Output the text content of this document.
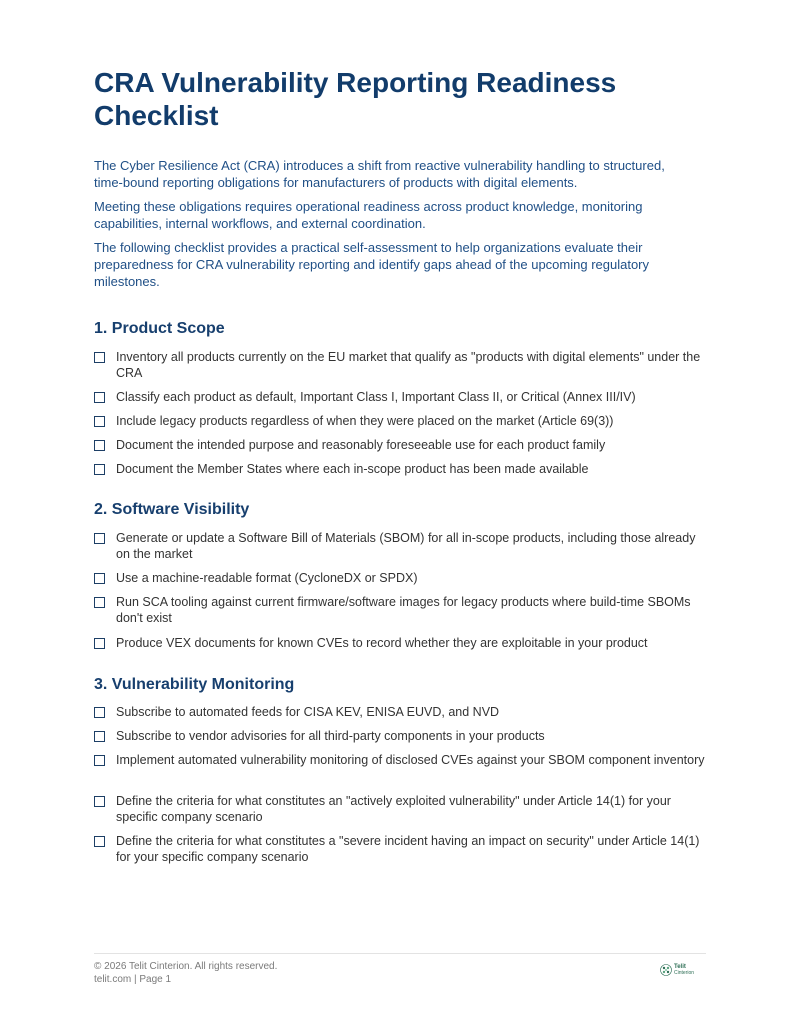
CRA Vulnerability Reporting Readiness Checklist

The Cyber Resilience Act (CRA) introduces a shift from reactive vulnerability handling to structured, time-bound reporting obligations for manufacturers of products with digital elements.

Meeting these obligations requires operational readiness across product knowledge, monitoring capabilities, internal workflows, and external coordination.

The following checklist provides a practical self-assessment to help organizations evaluate their preparedness for CRA vulnerability reporting and identify gaps ahead of the upcoming regulatory milestones.

1. Product Scope
Inventory all products currently on the EU market that qualify as "products with digital elements" under the CRA
Classify each product as default, Important Class I, Important Class II, or Critical (Annex III/IV)
Include legacy products regardless of when they were placed on the market (Article 69(3))
Document the intended purpose and reasonably foreseeable use for each product family
Document the Member States where each in-scope product has been made available
2. Software Visibility
Generate or update a Software Bill of Materials (SBOM) for all in-scope products, including those already on the market
Use a machine-readable format (CycloneDX or SPDX)
Run SCA tooling against current firmware/software images for legacy products where build-time SBOMs don't exist
Produce VEX documents for known CVEs to record whether they are exploitable in your product
3. Vulnerability Monitoring
Subscribe to automated feeds for CISA KEV, ENISA EUVD, and NVD
Subscribe to vendor advisories for all third-party components in your products
Implement automated vulnerability monitoring of disclosed CVEs against your SBOM component inventory
Define the criteria for what constitutes an "actively exploited vulnerability" under Article 14(1) for your specific company scenario
Define the criteria for what constitutes a "severe incident having an impact on security" under Article 14(1) for your specific company scenario
© 2026 Telit Cinterion. All rights reserved.
telit.com | Page 1
Telit
Cinterion
